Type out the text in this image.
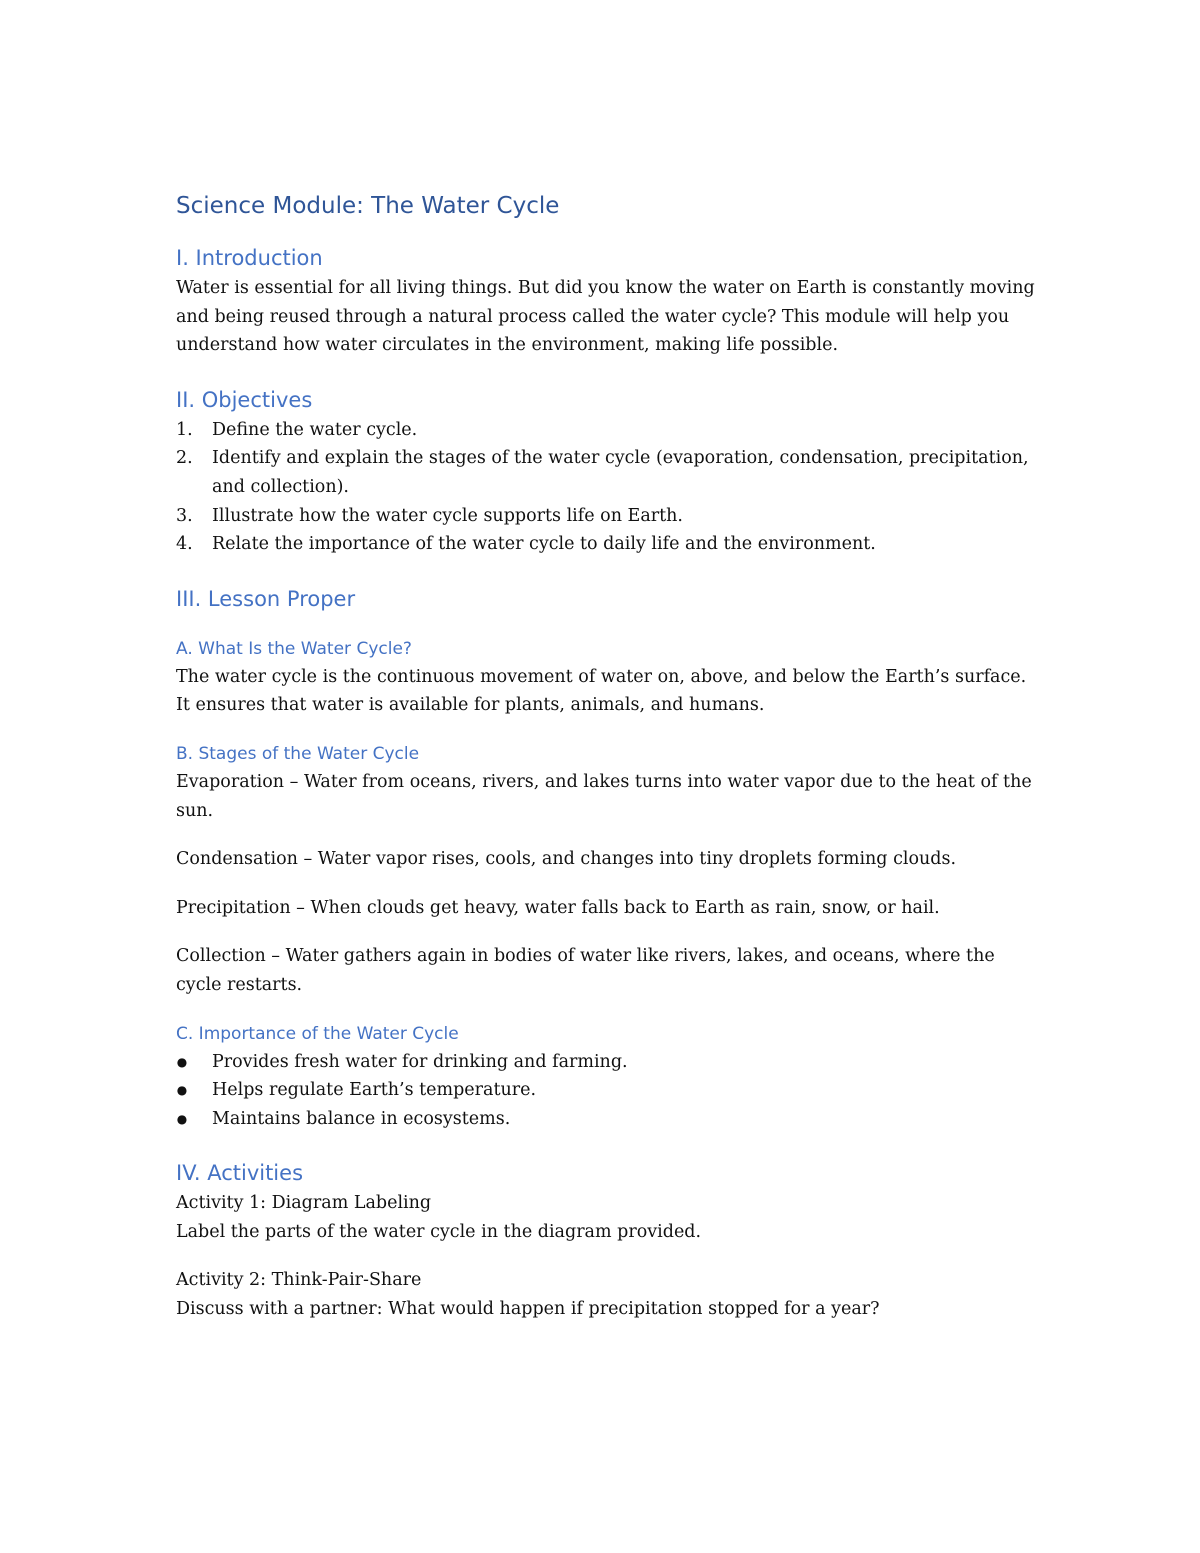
Science Module: The Water Cycle
I. Introduction

Water is essential for all living things. But did you know the water on Earth is constantly moving and being reused through a natural process called the water cycle? This module will help you understand how water circulates in the environment, making life possible.

II. Objectives
1. Define the water cycle.
2. Identify and explain the stages of the water cycle (evaporation, condensation, precipitation, and collection).
3. Illustrate how the water cycle supports life on Earth.
4. Relate the importance of the water cycle to daily life and the environment.
III. Lesson Proper
A. What Is the Water Cycle?

The water cycle is the continuous movement of water on, above, and below the Earth’s surface. It ensures that water is available for plants, animals, and humans.

B. Stages of the Water Cycle

Evaporation – Water from oceans, rivers, and lakes turns into water vapor due to the heat of the sun.

Condensation – Water vapor rises, cools, and changes into tiny droplets forming clouds.

Precipitation – When clouds get heavy, water falls back to Earth as rain, snow, or hail.

Collection – Water gathers again in bodies of water like rivers, lakes, and oceans, where the cycle restarts.

C. Importance of the Water Cycle
● Provides fresh water for drinking and farming.
● Helps regulate Earth’s temperature.
● Maintains balance in ecosystems.
IV. Activities

Activity 1: Diagram Labeling

Label the parts of the water cycle in the diagram provided.

Activity 2: Think-Pair-Share

Discuss with a partner: What would happen if precipitation stopped for a year?
